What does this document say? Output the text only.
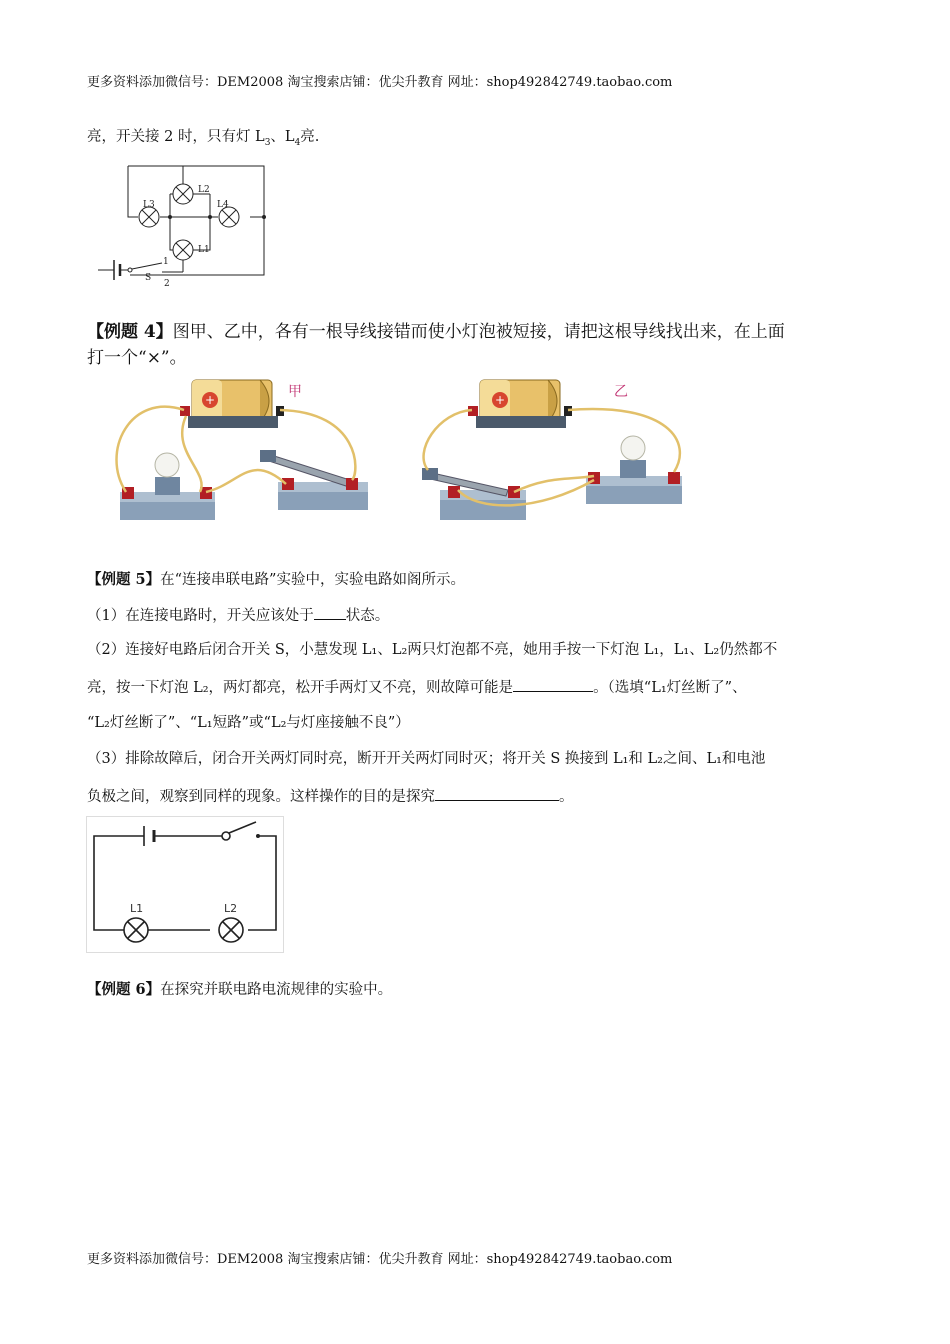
更多资料添加微信号：DEM2008 淘宝搜索店铺：优尖升教育 网址：shop492842749.taobao.com
亮，开关接 2 时，只有灯 $L_3$、$L_4$亮.
L2
L3	L4
L1
S
1
2
【例题 4】图甲、乙中，各有一根导线接错而使小灯泡被短接，请把这根导线找出来，在上面
打一个“×”。
+	甲	+	乙
【例题 5】在“连接串联电路”实验中，实验电路如阁所示。
（1）在连接电路时，开关应该处于 状态。
（2）连接好电路后闭合开关 S，小慧发现 L₁、L₂两只灯泡都不亮，她用手按一下灯泡 L₁，L₁、L₂仍然都不
亮，按一下灯泡 L₂，两灯都亮，松开手两灯又不亮，则故障可能是	。（选填“L₁灯丝断了”、
“L₂灯丝断了”、“L₁短路”或“L₂与灯座接触不良”）
（3）排除故障后，闭合开关两灯同时亮，断开开关两灯同时灭；将开关 S 换接到 L₁和 L₂之间、L₁和电池
负极之间，观察到同样的现象。这样操作的目的是探究	。
L1	L2
【例题 6】在探究并联电路电流规律的实验中。
更多资料添加微信号：DEM2008 淘宝搜索店铺：优尖升教育 网址：shop492842749.taobao.com
